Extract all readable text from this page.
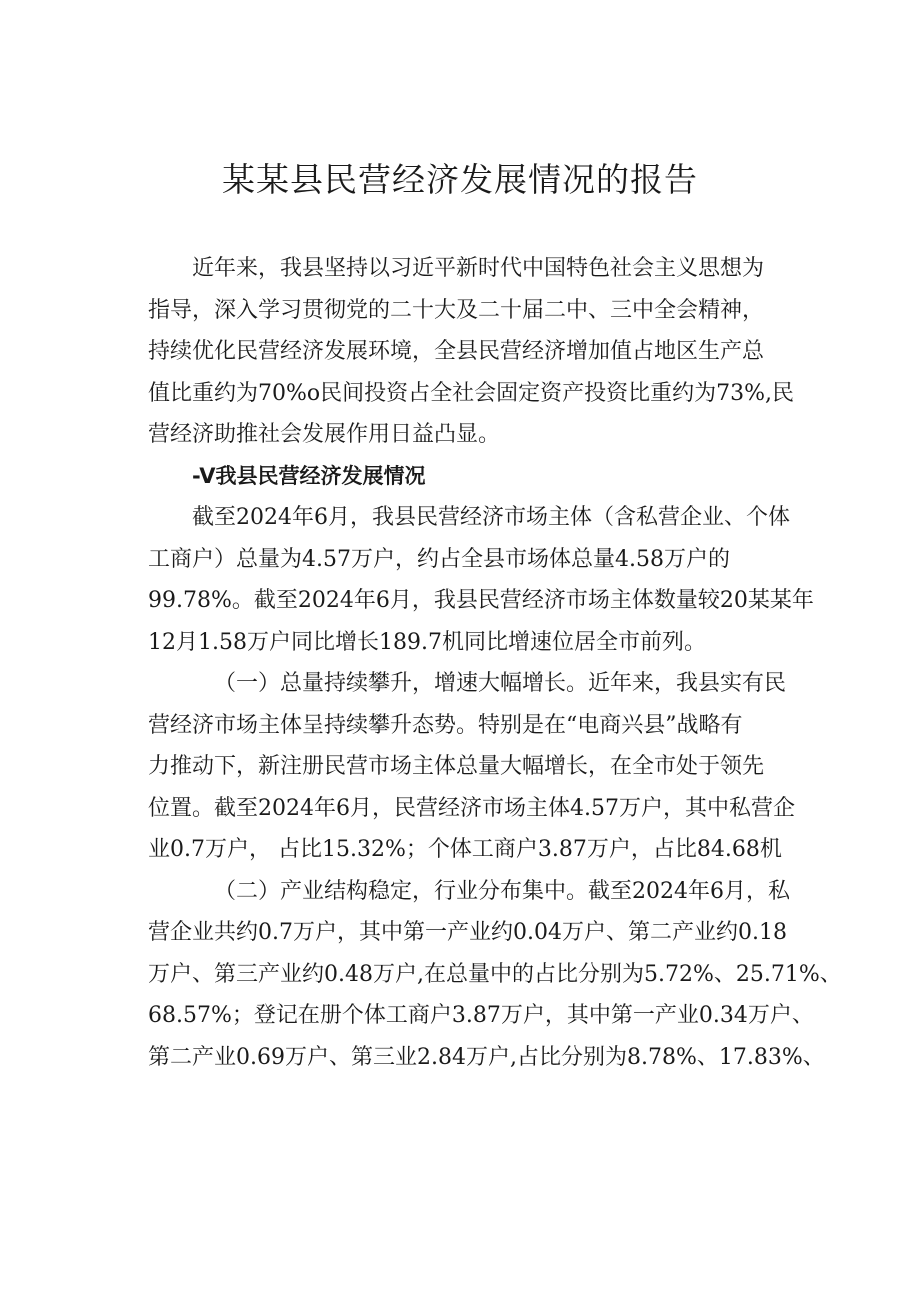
某某县民营经济发展情况的报告
近年来，我县坚持以习近平新时代中国特色社会主义思想为
指导，深入学习贯彻党的二十大及二十届二中、三中全会精神，
持续优化民营经济发展环境，全县民营经济增加值占地区生产总
值比重约为70%o民间投资占全社会固定资产投资比重约为73%,民
营经济助推社会发展作用日益凸显。
-V我县民营经济发展情况
截至2024年6月，我县民营经济市场主体（含私营企业、个体
工商户）总量为4.57万户，约占全县市场体总量4.58万户的
99.78%。截至2024年6月，我县民营经济市场主体数量较20某某年
12月1.58万户同比增长189.7机同比增速位居全市前列。
（一）总量持续攀升，增速大幅增长。近年来，我县实有民
营经济市场主体呈持续攀升态势。特别是在“电商兴县”战略有
力推动下，新注册民营市场主体总量大幅增长，在全市处于领先
位置。截至2024年6月，民营经济市场主体4.57万户，其中私营企
业0.7万户， 占比15.32%；个体工商户3.87万户，占比84.68机
（二）产业结构稳定，行业分布集中。截至2024年6月，私
营企业共约0.7万户，其中第一产业约0.04万户、第二产业约0.18
万户、第三产业约0.48万户,在总量中的占比分别为5.72%、25.71%、
68.57%；登记在册个体工商户3.87万户，其中第一产业0.34万户、
第二产业0.69万户、第三业2.84万户,占比分别为8.78%、17.83%、
